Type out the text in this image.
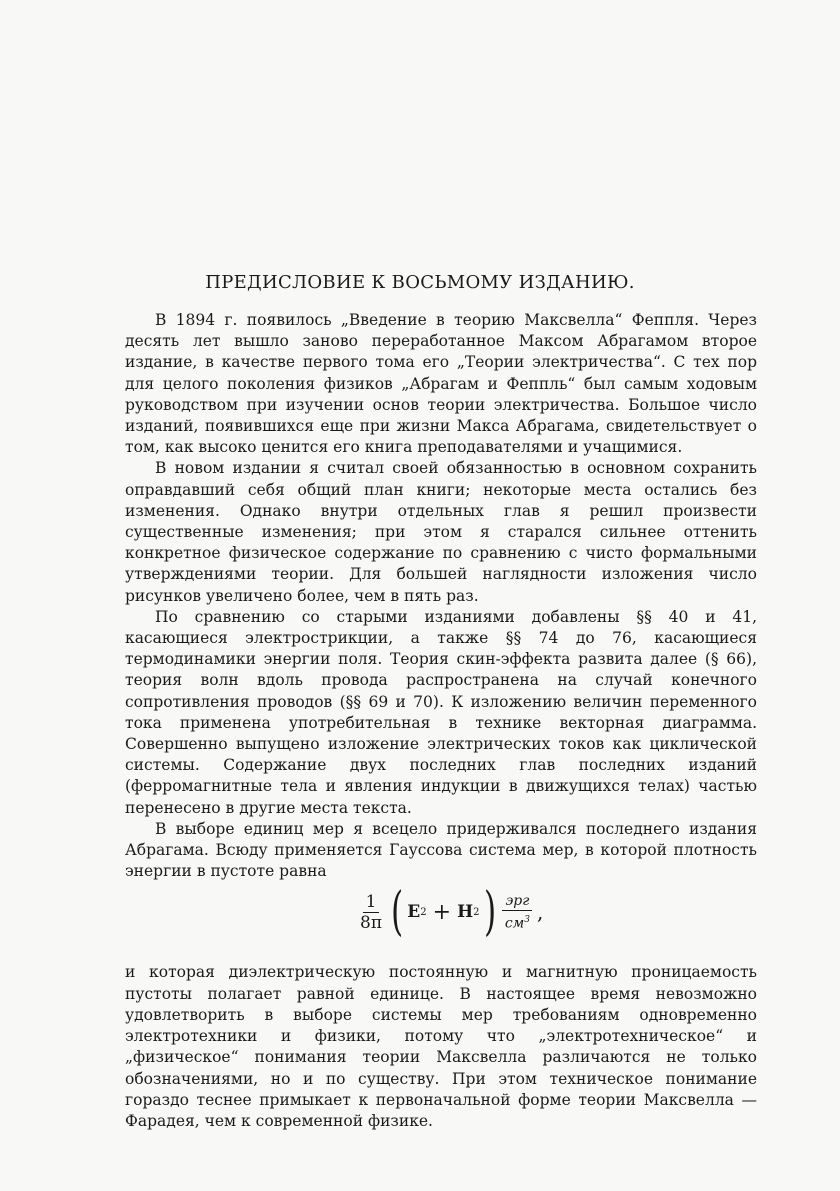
ПРЕДИСЛОВИЕ К ВОСЬМОМУ ИЗДАНИЮ.

В 1894 г. появилось „Введение в теорию Максвелла“ Феппля. Через десять лет вышло заново переработанное Максом Абрагамом второе издание, в качестве первого тома его „Теории электричества“. С тех пор для целого поколения физиков „Абрагам и Феппль“ был самым ходовым руководством при изучении основ теории электричества. Большое число изданий, появившихся еще при жизни Макса Абрагама, свидетельствует о том, как высоко ценится его книга преподавателями и учащимися.

В новом издании я считал своей обязанностью в основном сохранить оправдавший себя общий план книги; некоторые места остались без изменения. Однако внутри отдельных глав я решил произвести существенные изменения; при этом я старался сильнее оттенить конкретное физическое содержание по сравнению с чисто формальными утверждениями теории. Для большей наглядности изложения число рисунков увеличено более, чем в пять раз.

По сравнению со старыми изданиями добавлены §§ 40 и 41, касающиеся электрострикции, а также §§ 74 до 76, касающиеся термодинамики энергии поля. Теория скин-эффекта развита далее (§ 66), теория волн вдоль провода распространена на случай конечного сопротивления проводов (§§ 69 и 70). К изложению величин переменного тока применена употребительная в технике векторная диаграмма. Совершенно выпущено изложение электрических токов как циклической системы. Содержание двух последних глав последних изданий (ферромагнитные тела и явления индукции в движущихся телах) частью перенесено в другие места текста.

В выборе единиц мер я всецело придерживался последнего издания Абрагама. Всюду применяется Гауссова система мер, в которой плотность энергии в пустоте равна

$\frac{1}{8\pi}$ ( E 2 + H 2 ) $\frac{\text{эрг}}{см^3}$ ,

и которая диэлектрическую постоянную и магнитную проницаемость пустоты полагает равной единице. В настоящее время невозможно удовлетворить в выборе системы мер требованиям одновременно электротехники и физики, потому что „электротехническое“ и „физическое“ понимания теории Максвелла различаются не только обозначениями, но и по существу. При этом техническое понимание гораздо теснее примыкает к первоначальной форме теории Максвелла — Фарадея, чем к современной физике.
